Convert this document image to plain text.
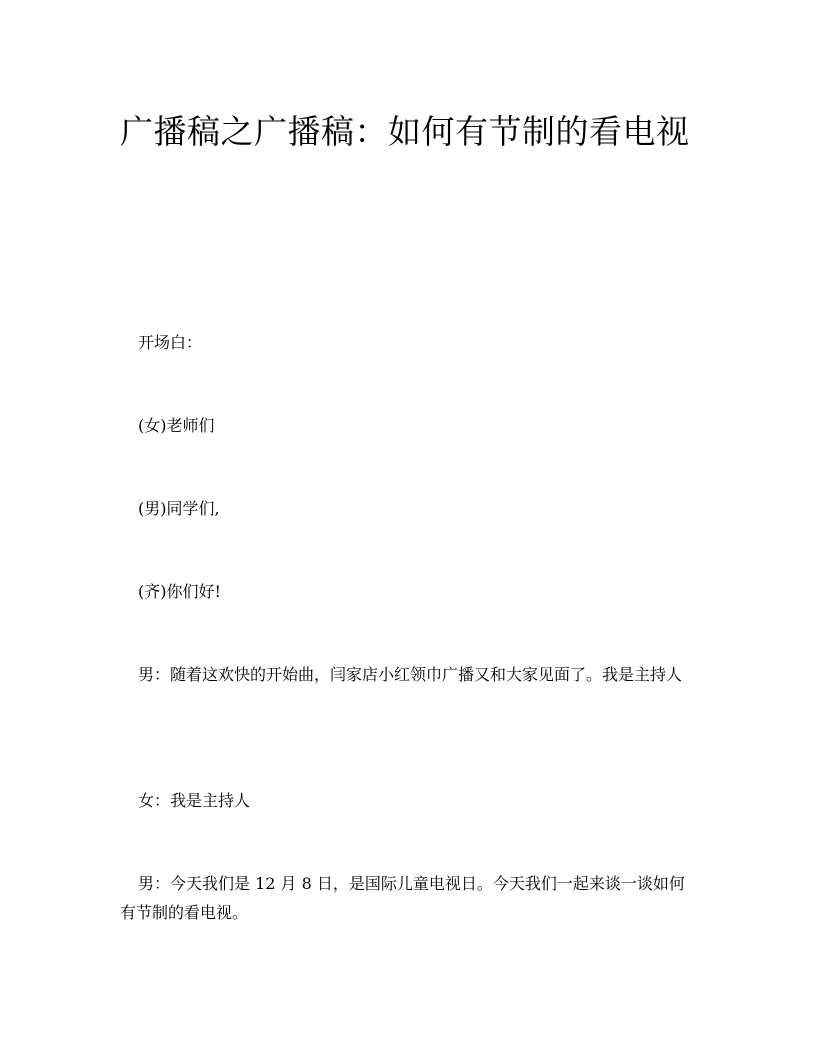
广播稿之广播稿：如何有节制的看电视

开场白：

(女)老师们

(男)同学们,

(齐)你们好!

男：随着这欢快的开始曲，闫家店小红领巾广播又和大家见面了。我是主持人

女：我是主持人

男：今天我们是 12 月 8 日，是国际儿童电视日。今天我们一起来谈一谈如何有节制的看电视。
